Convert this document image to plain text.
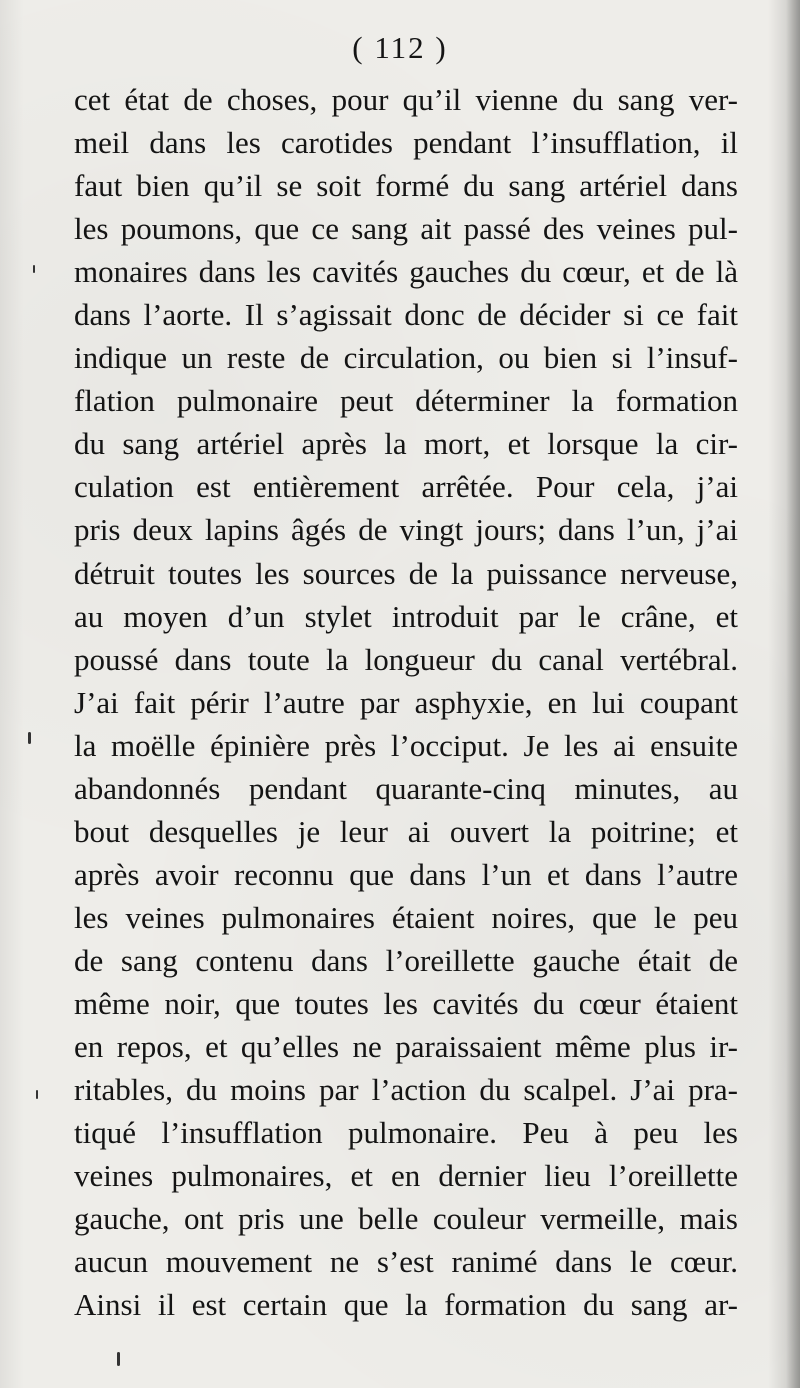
( 112 )
cet état de choses, pour qu’il vienne du sang ver-
meil dans les carotides pendant l’insufflation, il
faut bien qu’il se soit formé du sang artériel dans
les poumons, que ce sang ait passé des veines pul-
monaires dans les cavités gauches du cœur, et de là
dans l’aorte. Il s’agissait donc de décider si ce fait
indique un reste de circulation, ou bien si l’insuf-
flation pulmonaire peut déterminer la formation
du sang artériel après la mort, et lorsque la cir-
culation est entièrement arrêtée. Pour cela, j’ai
pris deux lapins âgés de vingt jours; dans l’un, j’ai
détruit toutes les sources de la puissance nerveuse,
au moyen d’un stylet introduit par le crâne, et
poussé dans toute la longueur du canal vertébral.
J’ai fait périr l’autre par asphyxie, en lui coupant
la moëlle épinière près l’occiput. Je les ai ensuite
abandonnés pendant quarante-cinq minutes, au
bout desquelles je leur ai ouvert la poitrine; et
après avoir reconnu que dans l’un et dans l’autre
les veines pulmonaires étaient noires, que le peu
de sang contenu dans l’oreillette gauche était de
même noir, que toutes les cavités du cœur étaient
en repos, et qu’elles ne paraissaient même plus ir-
ritables, du moins par l’action du scalpel. J’ai pra-
tiqué l’insufflation pulmonaire. Peu à peu les
veines pulmonaires, et en dernier lieu l’oreillette
gauche, ont pris une belle couleur vermeille, mais
aucun mouvement ne s’est ranimé dans le cœur.
Ainsi il est certain que la formation du sang ar-
